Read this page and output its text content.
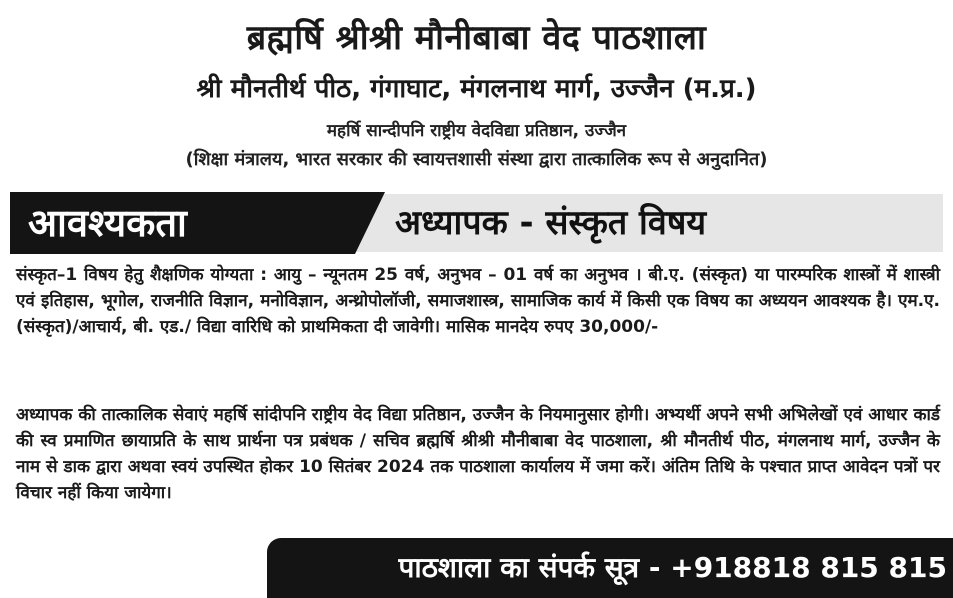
ब्रह्मर्षि श्रीश्री मौनीबाबा वेद पाठशाला
श्री मौनतीर्थ पीठ, गंगाघाट, मंगलनाथ मार्ग, उज्जैन (म.प्र.)
महर्षि सान्दीपनि राष्ट्रीय वेदविद्या प्रतिष्ठान, उज्जैन
(शिक्षा मंत्रालय, भारत सरकार की स्वायत्तशासी संस्था द्वारा तात्कालिक रूप से अनुदानित)
आवश्यकता	अध्यापक - संस्कृत विषय
संस्कृत–1 विषय हेतु शैक्षणिक योग्यता : आयु – न्यूनतम 25 वर्ष, अनुभव – 01 वर्ष का अनुभव । बी.ए. (संस्कृत) या पारम्परिक शास्त्रों में शास्त्री एवं इतिहास, भूगोल, राजनीति विज्ञान, मनोविज्ञान, अन्थ्रोपोलॉजी, समाजशास्त्र, सामाजिक कार्य में किसी एक विषय का अध्ययन आवश्यक है। एम.ए. (संस्कृत)/आचार्य, बी. एड./ विद्या वारिधि को प्राथमिकता दी जावेगी। मासिक मानदेय रुपए 30,000/-
अध्यापक की तात्कालिक सेवाएं महर्षि सांदीपनि राष्ट्रीय वेद विद्या प्रतिष्ठान, उज्जैन के नियमानुसार होगी। अभ्यर्थी अपने सभी अभिलेखों एवं आधार कार्ड की स्व प्रमाणित छायाप्रति के साथ प्रार्थना पत्र प्रबंधक / सचिव ब्रह्मर्षि श्रीश्री मौनीबाबा वेद पाठशाला, श्री मौनतीर्थ पीठ, मंगलनाथ मार्ग, उज्जैन के नाम से डाक द्वारा अथवा स्वयं उपस्थित होकर 10 सितंबर 2024 तक पाठशाला कार्यालय में जमा करें। अंतिम तिथि के पश्चात प्राप्त आवेदन पत्रों पर विचार नहीं किया जायेगा।
पाठशाला का संपर्क सूत्र - +918818 815 815
